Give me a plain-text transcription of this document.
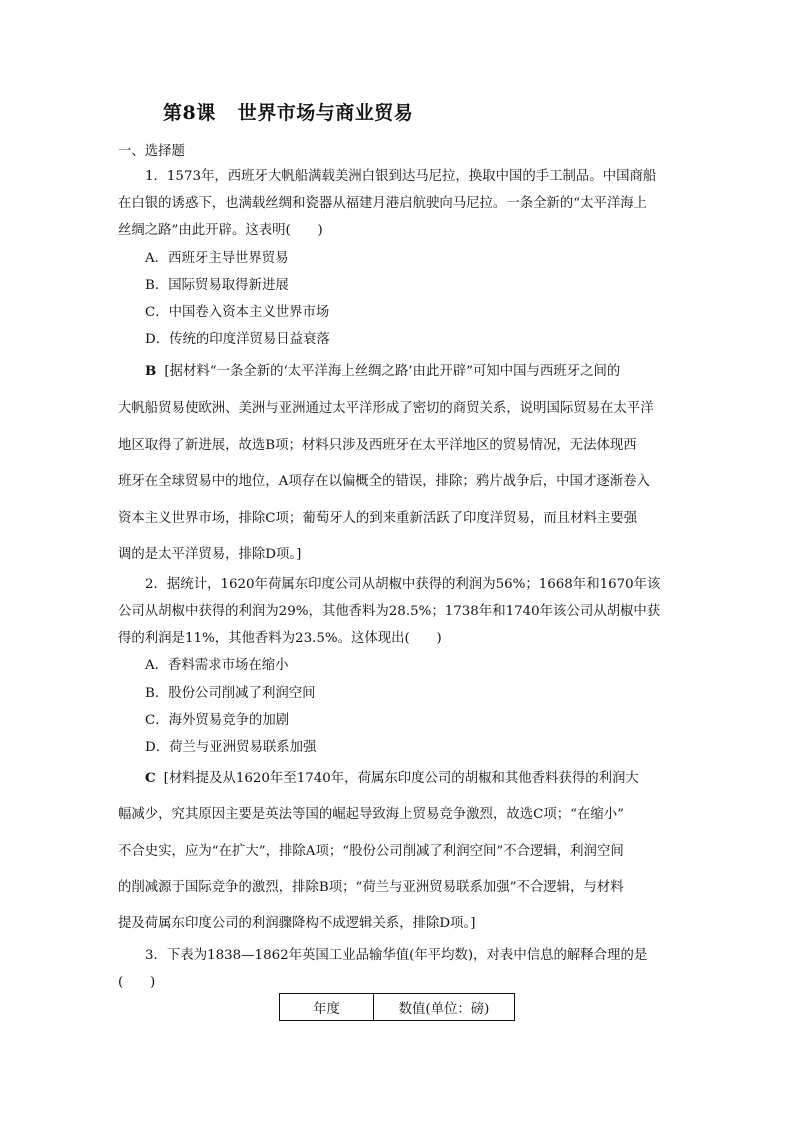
第8课 世界市场与商业贸易
一、选择题
1．1573年，西班牙大帆船满载美洲白银到达马尼拉，换取中国的手工制品。中国商船
在白银的诱惑下，也满载丝绸和瓷器从福建月港启航驶向马尼拉。一条全新的“太平洋海上
丝绸之路”由此开辟。这表明(　　)
A．西班牙主导世界贸易
B．国际贸易取得新进展
C．中国卷入资本主义世界市场
D．传统的印度洋贸易日益衰落
B [据材料“一条全新的‘太平洋海上丝绸之路’由此开辟”可知中国与西班牙之间的
大帆船贸易使欧洲、美洲与亚洲通过太平洋形成了密切的商贸关系，说明国际贸易在太平洋
地区取得了新进展，故选B项；材料只涉及西班牙在太平洋地区的贸易情况，无法体现西
班牙在全球贸易中的地位，A项存在以偏概全的错误，排除；鸦片战争后，中国才逐渐卷入
资本主义世界市场，排除C项；葡萄牙人的到来重新活跃了印度洋贸易，而且材料主要强
调的是太平洋贸易，排除D项。]
2．据统计，1620年荷属东印度公司从胡椒中获得的利润为56%；1668年和1670年该
公司从胡椒中获得的利润为29%，其他香料为28.5%；1738年和1740年该公司从胡椒中获
得的利润是11%，其他香料为23.5%。这体现出(　　)
A．香料需求市场在缩小
B．股份公司削减了利润空间
C．海外贸易竞争的加剧
D．荷兰与亚洲贸易联系加强
C [材料提及从1620年至1740年，荷属东印度公司的胡椒和其他香料获得的利润大
幅减少，究其原因主要是英法等国的崛起导致海上贸易竞争激烈，故选C项；“在缩小”
不合史实，应为“在扩大”，排除A项；“股份公司削减了利润空间”不合逻辑，利润空间
的削减源于国际竞争的激烈，排除B项；“荷兰与亚洲贸易联系加强”不合逻辑，与材料
提及荷属东印度公司的利润骤降构不成逻辑关系，排除D项。]
3．下表为1838—1862年英国工业品输华值(年平均数)，对表中信息的解释合理的是
(　　)
年度	数值(单位：磅)
